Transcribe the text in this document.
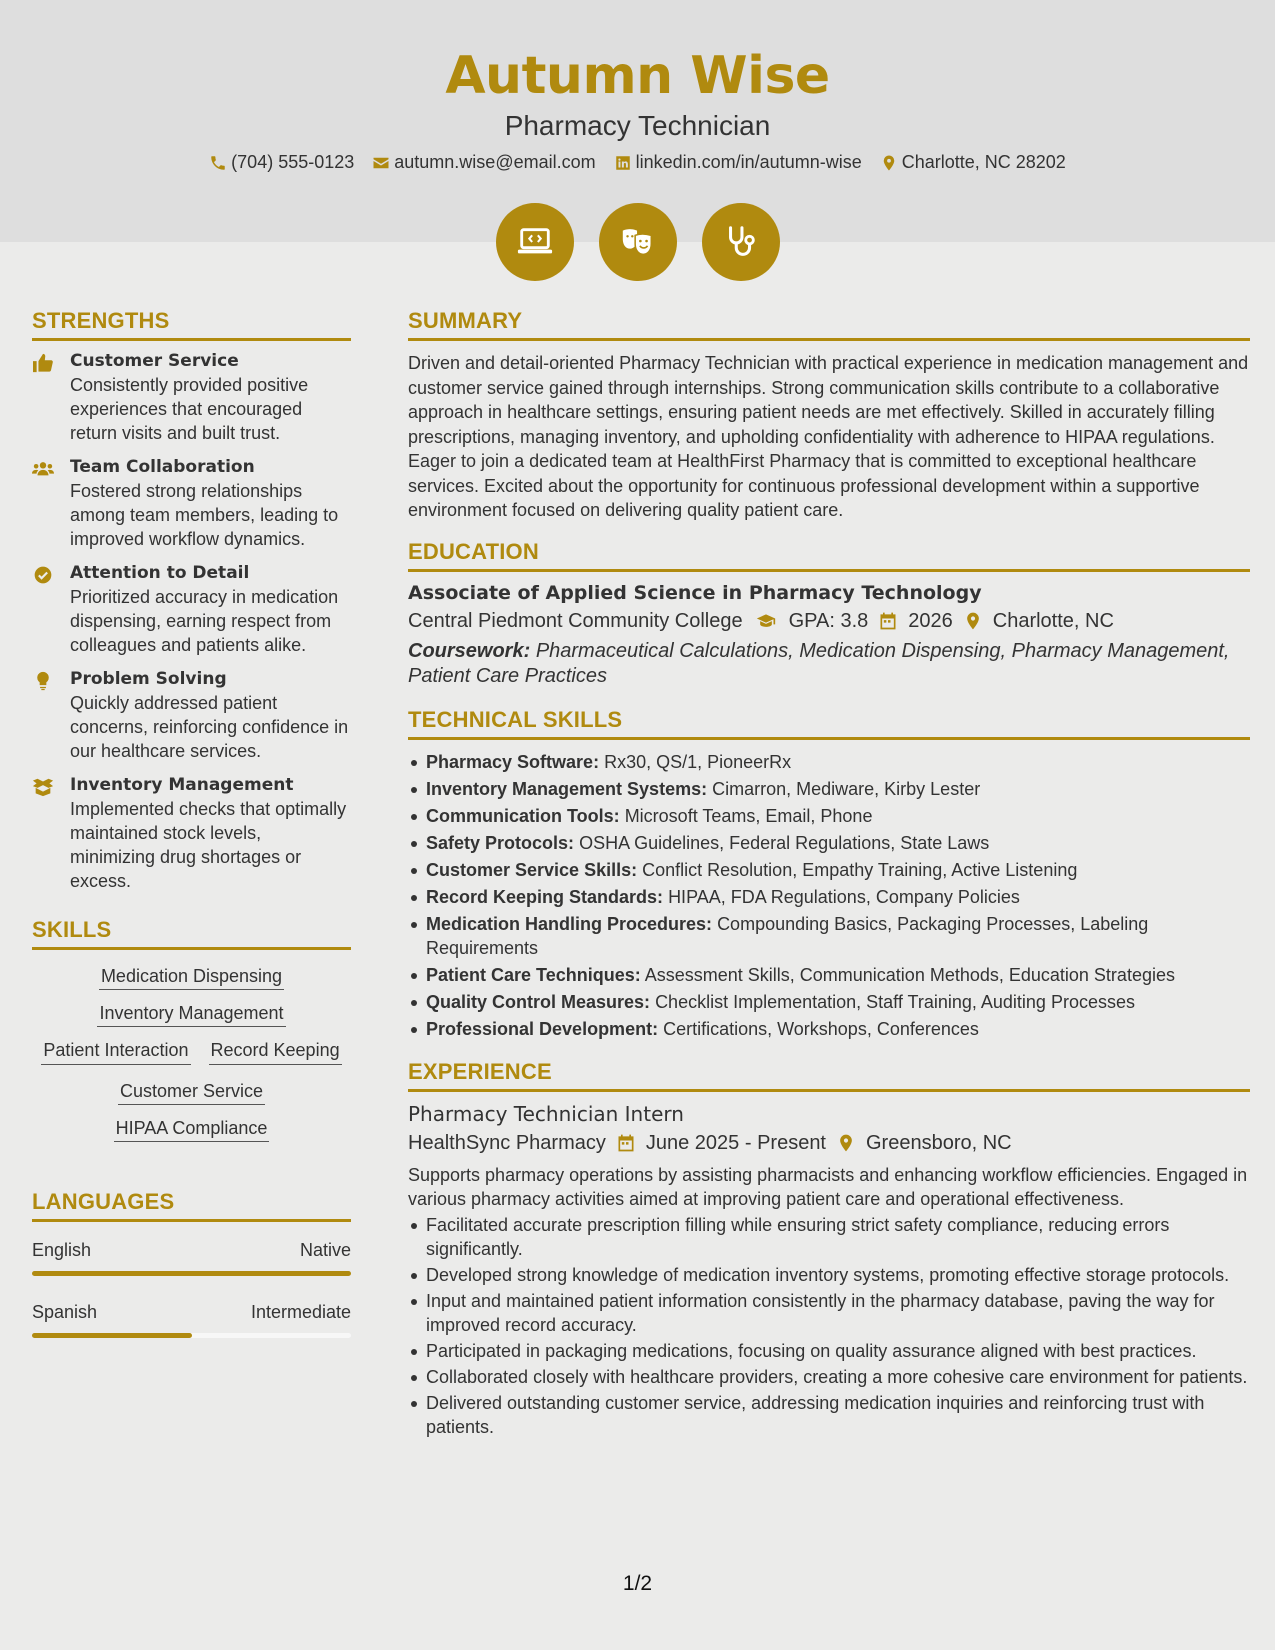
Autumn Wise
Pharmacy Technician
(704) 555-0123 autumn.wise@email.com linkedin.com/in/autumn-wise Charlotte, NC 28202
STRENGTHS
Customer Service

Consistently provided positive experiences that encouraged return visits and built trust.

Team Collaboration

Fostered strong relationships among team members, leading to improved workflow dynamics.

Attention to Detail

Prioritized accuracy in medication dispensing, earning respect from colleagues and patients alike.

Problem Solving

Quickly addressed patient concerns, reinforcing confidence in our healthcare services.

Inventory Management

Implemented checks that optimally maintained stock levels, minimizing drug shortages or excess.

SKILLS
Medication Dispensing
Inventory Management
Patient Interaction Record Keeping
Customer Service
HIPAA Compliance
LANGUAGES
English	Native
Spanish	Intermediate
SUMMARY

Driven and detail-oriented Pharmacy Technician with practical experience in medication management and customer service gained through internships. Strong communication skills contribute to a collaborative approach in healthcare settings, ensuring patient needs are met effectively. Skilled in accurately filling prescriptions, managing inventory, and upholding confidentiality with adherence to HIPAA regulations. Eager to join a dedicated team at HealthFirst Pharmacy that is committed to exceptional healthcare services. Excited about the opportunity for continuous professional development within a supportive environment focused on delivering quality patient care.

EDUCATION
Associate of Applied Science in Pharmacy Technology
Central Piedmont Community College GPA: 3.8 2026 Charlotte, NC
Coursework: Pharmaceutical Calculations, Medication Dispensing, Pharmacy Management, Patient Care Practices
TECHNICAL SKILLS
Pharmacy Software: Rx30, QS/1, PioneerRx
Inventory Management Systems: Cimarron, Mediware, Kirby Lester
Communication Tools: Microsoft Teams, Email, Phone
Safety Protocols: OSHA Guidelines, Federal Regulations, State Laws
Customer Service Skills: Conflict Resolution, Empathy Training, Active Listening
Record Keeping Standards: HIPAA, FDA Regulations, Company Policies
Medication Handling Procedures: Compounding Basics, Packaging Processes, Labeling Requirements
Patient Care Techniques: Assessment Skills, Communication Methods, Education Strategies
Quality Control Measures: Checklist Implementation, Staff Training, Auditing Processes
Professional Development: Certifications, Workshops, Conferences
EXPERIENCE
Pharmacy Technician Intern
HealthSync Pharmacy June 2025 - Present Greensboro, NC

Supports pharmacy operations by assisting pharmacists and enhancing workflow efficiencies. Engaged in various pharmacy activities aimed at improving patient care and operational effectiveness.

Facilitated accurate prescription filling while ensuring strict safety compliance, reducing errors significantly.
Developed strong knowledge of medication inventory systems, promoting effective storage protocols.
Input and maintained patient information consistently in the pharmacy database, paving the way for improved record accuracy.
Participated in packaging medications, focusing on quality assurance aligned with best practices.
Collaborated closely with healthcare providers, creating a more cohesive care environment for patients.
Delivered outstanding customer service, addressing medication inquiries and reinforcing trust with patients.
1/2
